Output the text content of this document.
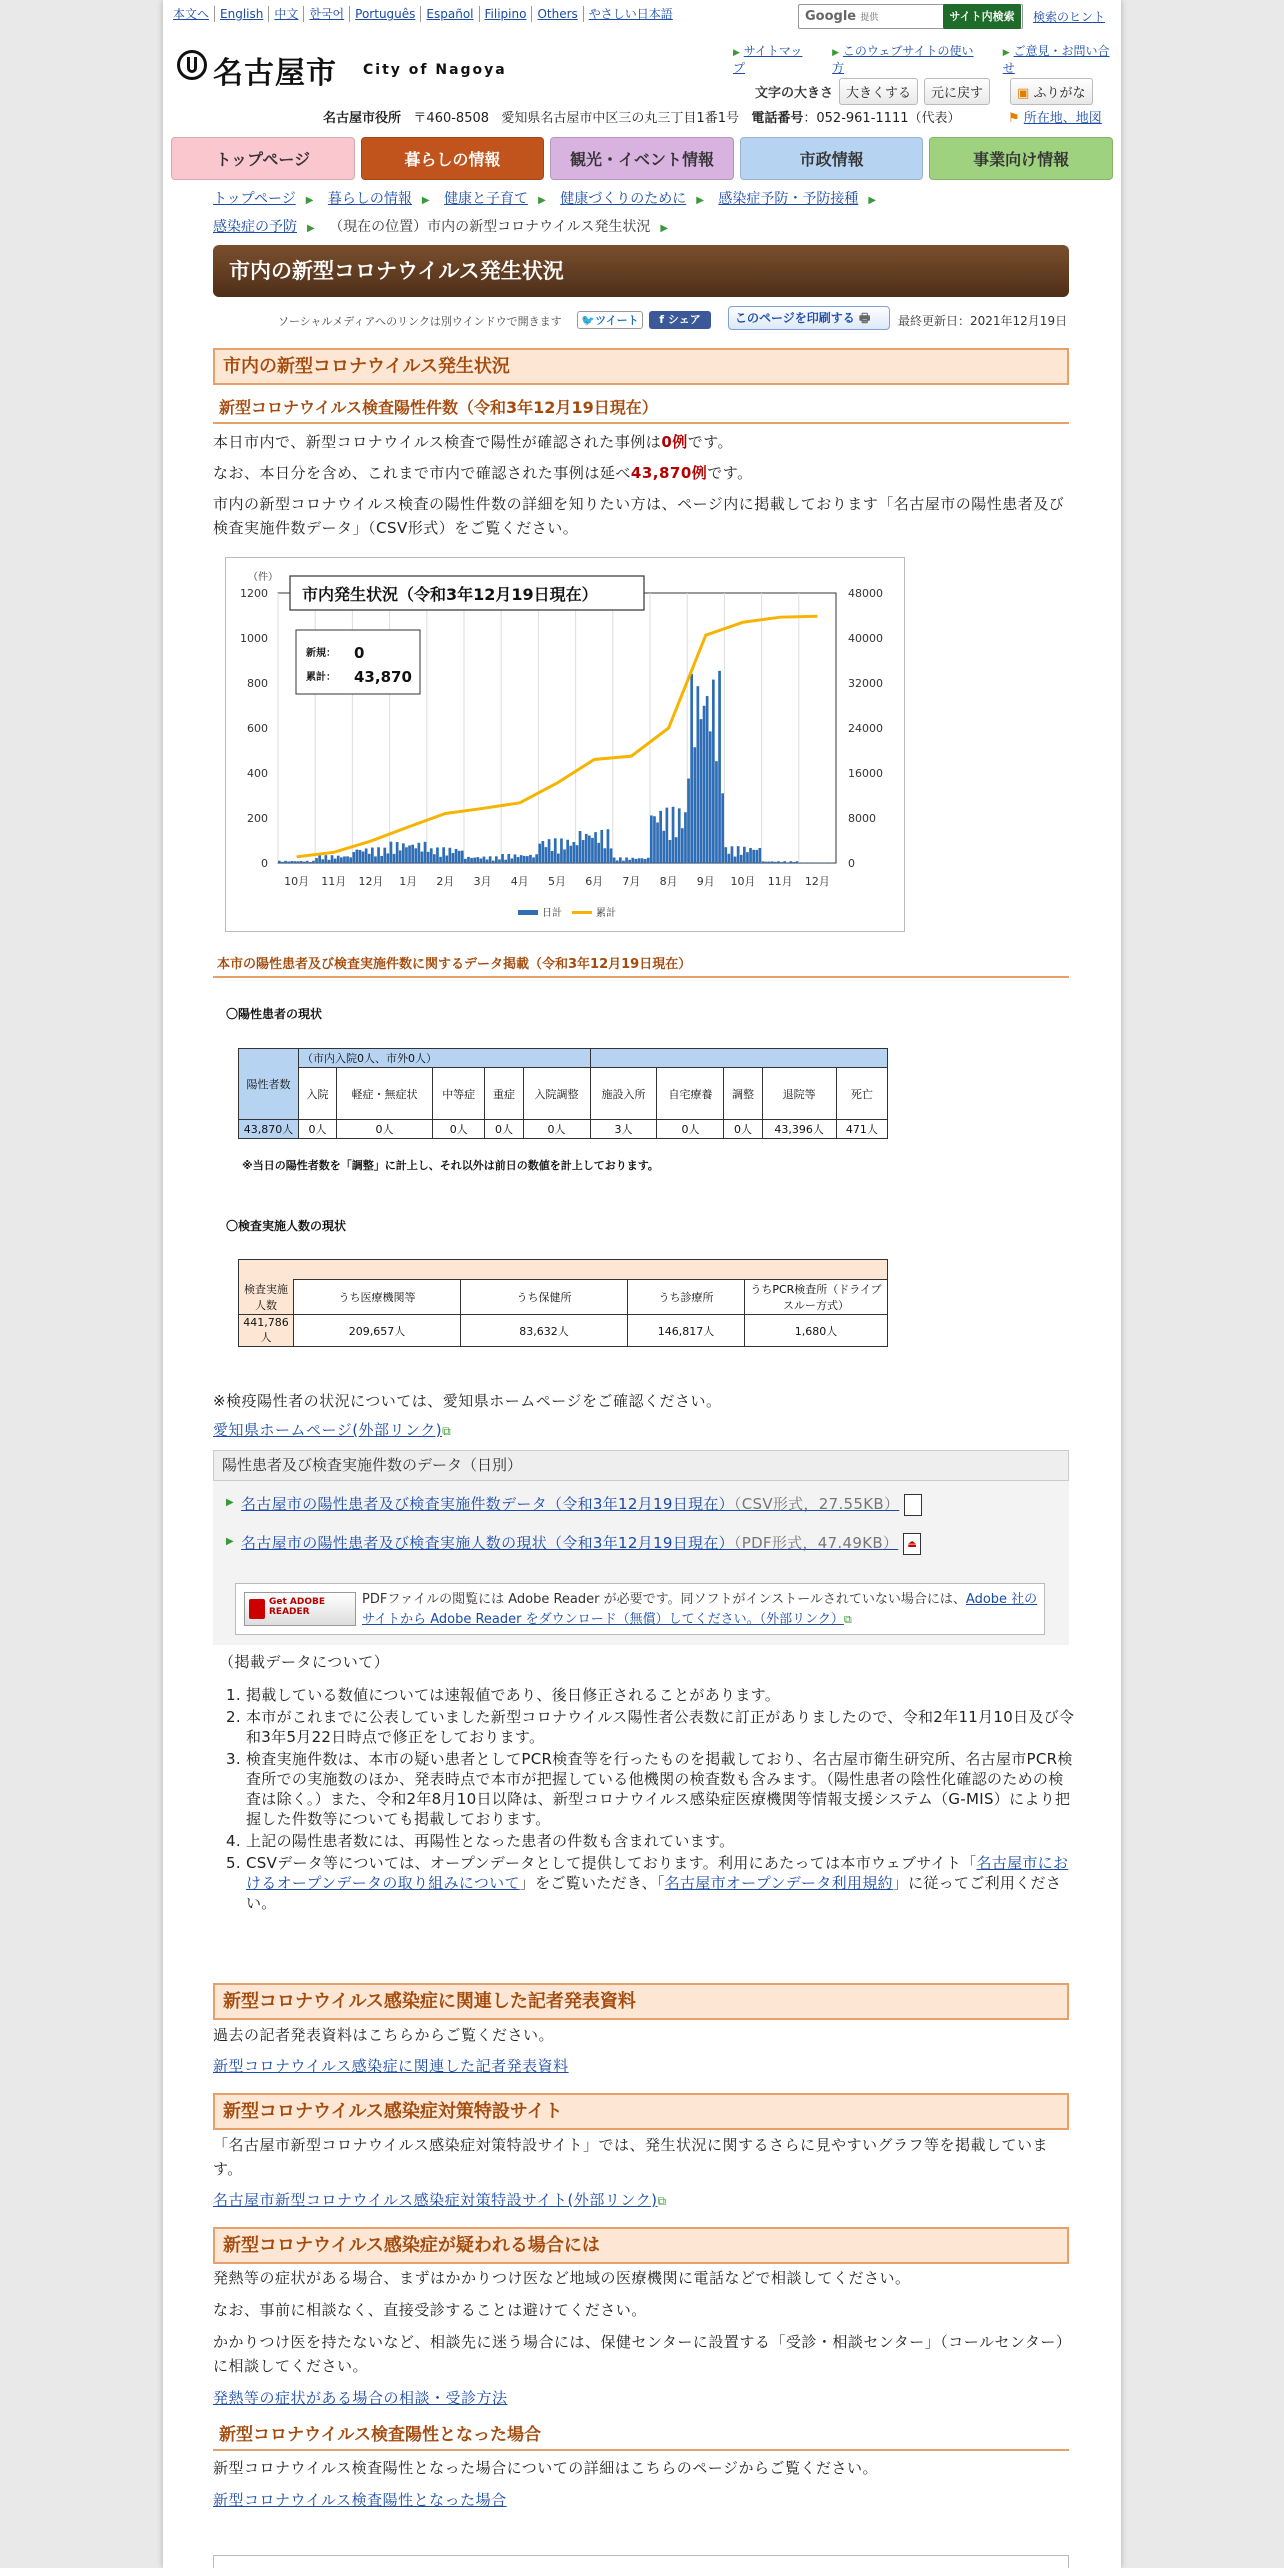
本文へ English 中文 한국어 Português Español Filipino Others やさしい日本語	Google 提供	サイト内検索	検索のヒント
名古屋市 City of Nagoya
▶ サイトマップ
▶ このウェブサイトの使い方
▶ ご意見・お問い合せ
文字の大きさ	大きくする	元に戻す	▣ ふりがな
名古屋市役所 〒460-8508 愛知県名古屋市中区三の丸三丁目1番1号 電話番号：052-961-1111（代表）	⚑ 所在地、地図
トップページ	暮らしの情報	観光・イベント情報	市政情報	事業向け情報
トップページ ▶ 暮らしの情報 ▶ 健康と子育て ▶ 健康づくりのために ▶ 感染症予防・予防接種 ▶
感染症の予防 ▶ （現在の位置）市内の新型コロナウイルス発生状況 ▶
市内の新型コロナウイルス発生状況
ソーシャルメディアへのリンクは別ウインドウで開きます	🐦ツイート	f シェア	このページを印刷する 🖶	最終更新日：2021年12月19日
市内の新型コロナウイルス発生状況
新型コロナウイルス検査陽性件数（令和3年12月19日現在）
本日市内で、新型コロナウイルス検査で陽性が確認された事例は0例です。
なお、本日分を含め、これまで市内で確認された事例は延べ43,870例です。
市内の新型コロナウイルス検査の陽性件数の詳細を知りたい方は、ページ内に掲載しております「名古屋市の陽性患者及び検査実施件数データ」（CSV形式）をご覧ください。
（件）
10月 11月 12月 1月 2月 3月 4月 5月 6月 7月 8月 9月 10月 11月 12月
0
200
400
600
800
1000
1200
0
8000
16000
24000
32000
40000
48000
市内発生状況（令和3年12月19日現在）
新規： 0
累計： 43,870
日計	累計
本市の陽性患者及び検査実施件数に関するデータ掲載（令和3年12月19日現在）
〇陽性患者の現状
陽性者数	（市内入院0人、市外0人）									
	入院	軽症・無症状	中等症	重症	入院調整	施設入所	自宅療養	調整	退院等	死亡

43,870人	0人	0人	0人	0人	0人	3人	0人	0人	43,396人	471人
※当日の陽性者数を「調整」に計上し、それ以外は前日の数値を計上しております。
〇検査実施人数の現状

検査実施人数	うち医療機関等	うち保健所	うち診療所	うちPCR検査所（ドライブスルー方式）

441,786人	209,657人	83,632人	146,817人	1,680人
※検疫陽性者の状況については、愛知県ホームページをご確認ください。
愛知県ホームページ(外部リンク)⧉
陽性患者及び検査実施件数のデータ（日別）
▶ 名古屋市の陽性患者及び検査実施件数データ（令和3年12月19日現在）（CSV形式，27.55KB）
▶ 名古屋市の陽性患者及び検査実施人数の現状（令和3年12月19日現在）（PDF形式，47.49KB） ⏏
Get ADOBE READER
PDFファイルの閲覧には Adobe Reader が必要です。同ソフトがインストールされていない場合には、Adobe 社のサイトから Adobe Reader をダウンロード（無償）してください。（外部リンク）⧉
（掲載データについて）
1. 掲載している数値については速報値であり、後日修正されることがあります。
2. 本市がこれまでに公表していました新型コロナウイルス陽性者公表数に訂正がありましたので、令和2年11月10日及び令和3年5月22日時点で修正をしております。
3. 検査実施件数は、本市の疑い患者としてPCR検査等を行ったものを掲載しており、名古屋市衛生研究所、名古屋市PCR検査所での実施数のほか、発表時点で本市が把握している他機関の検査数も含みます。（陽性患者の陰性化確認のための検査は除く。）また、令和2年8月10日以降は、新型コロナウイルス感染症医療機関等情報支援システム（G-MIS）により把握した件数等についても掲載しております。
4. 上記の陽性患者数には、再陽性となった患者の件数も含まれています。
5. CSVデータ等については、オープンデータとして提供しております。利用にあたっては本市ウェブサイト「名古屋市におけるオープンデータの取り組みについて」をご覧いただき、「名古屋市オープンデータ利用規約」に従ってご利用ください。
新型コロナウイルス感染症に関連した記者発表資料
過去の記者発表資料はこちらからご覧ください。
新型コロナウイルス感染症に関連した記者発表資料
新型コロナウイルス感染症対策特設サイト
「名古屋市新型コロナウイルス感染症対策特設サイト」では、発生状況に関するさらに見やすいグラフ等を掲載しています。
名古屋市新型コロナウイルス感染症対策特設サイト(外部リンク)⧉
新型コロナウイルス感染症が疑われる場合には
発熱等の症状がある場合、まずはかかりつけ医など地域の医療機関に電話などで相談してください。
なお、事前に相談なく、直接受診することは避けてください。
かかりつけ医を持たないなど、相談先に迷う場合には、保健センターに設置する「受診・相談センター」（コールセンター）に相談してください。
発熱等の症状がある場合の相談・受診方法
新型コロナウイルス検査陽性となった場合
新型コロナウイルス検査陽性となった場合についての詳細はこちらのページからご覧ください。
新型コロナウイルス検査陽性となった場合
